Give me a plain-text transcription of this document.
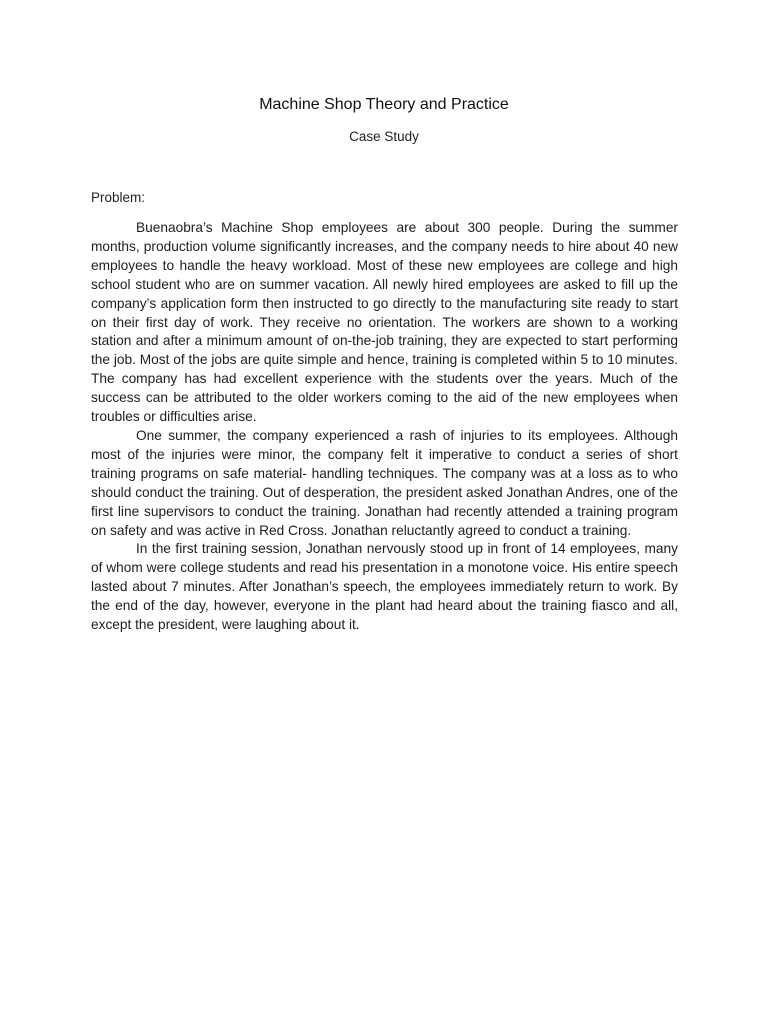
Machine Shop Theory and Practice
Case Study
Problem:

Buenaobra’s Machine Shop employees are about 300 people. During the summer months, production volume significantly increases, and the company needs to hire about 40 new employees to handle the heavy workload. Most of these new employees are college and high school student who are on summer vacation. All newly hired employees are asked to fill up the company’s application form then instructed to go directly to the manufacturing site ready to start on their first day of work. They receive no orientation. The workers are shown to a working station and after a minimum amount of on-the-job training, they are expected to start performing the job. Most of the jobs are quite simple and hence, training is completed within 5 to 10 minutes. The company has had excellent experience with the students over the years. Much of the success can be attributed to the older workers coming to the aid of the new employees when troubles or difficulties arise.

One summer, the company experienced a rash of injuries to its employees. Although most of the injuries were minor, the company felt it imperative to conduct a series of short training programs on safe material- handling techniques. The company was at a loss as to who should conduct the training. Out of desperation, the president asked Jonathan Andres, one of the first line supervisors to conduct the training. Jonathan had recently attended a training program on safety and was active in Red Cross. Jonathan reluctantly agreed to conduct a training.

In the first training session, Jonathan nervously stood up in front of 14 employees, many of whom were college students and read his presentation in a monotone voice. His entire speech lasted about 7 minutes. After Jonathan’s speech, the employees immediately return to work. By the end of the day, however, everyone in the plant had heard about the training fiasco and all, except the president, were laughing about it.
